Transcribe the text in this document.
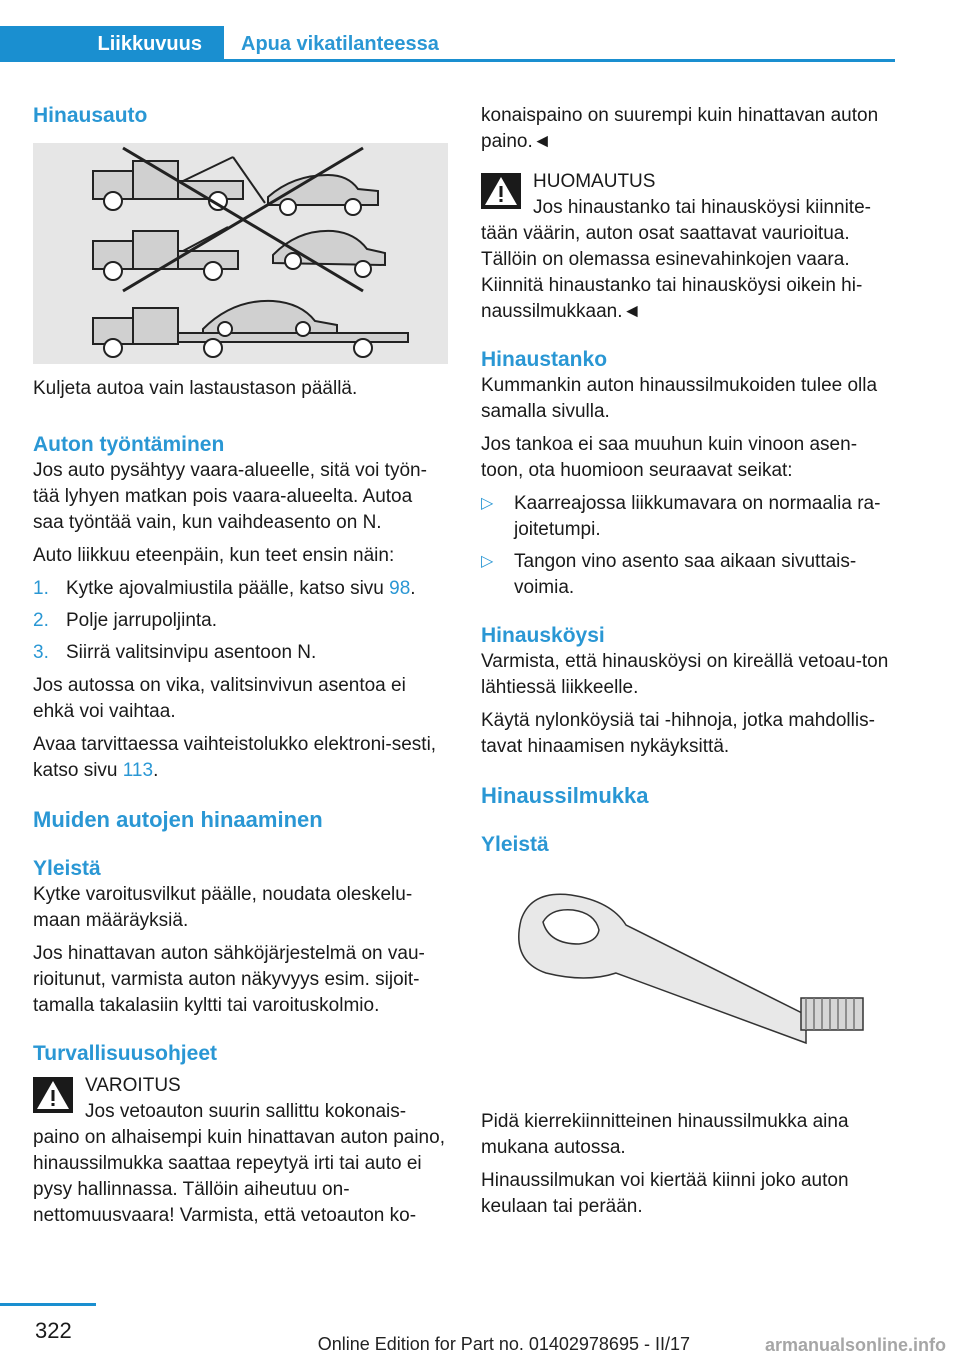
Liikkuvuus Apua vikatilanteessa
Hinausauto

Kuljeta autoa vain lastaustason päällä.

Auton työntäminen

Jos auto pysähtyy vaara-alueelle, sitä voi työn-tää lyhyen matkan pois vaara-alueelta. Autoa saa työntää vain, kun vaihdeasento on N.

Auto liikkuu eteenpäin, kun teet ensin näin:

1. Kytke ajovalmiustila päälle, katso sivu 98.
2. Polje jarrupoljinta.
3. Siirrä valitsinvipu asentoon N.

Jos autossa on vika, valitsinvivun asentoa ei ehkä voi vaihtaa.

Avaa tarvittaessa vaihteistolukko elektroni-sesti, katso sivu 113.

Muiden autojen hinaaminen
Yleistä

Kytke varoitusvilkut päälle, noudata oleskelu-maan määräyksiä.

Jos hinattavan auton sähköjärjestelmä on vau-rioitunut, varmista auton näkyvyys esim. sijoit-tamalla takalasiin kyltti tai varoituskolmio.

Turvallisuusohjeet
VAROITUS
Jos vetoauton suurin sallittu kokonais-

paino on alhaisempi kuin hinattavan auton paino, hinaussilmukka saattaa repeytyä irti tai auto ei pysy hallinnassa. Tällöin aiheutuu on-nettomuusvaara! Varmista, että vetoauton ko-

konaispaino on suurempi kuin hinattavan auton paino.◄

HUOMAUTUS
Jos hinaustanko tai hinausköysi kiinnite-

tään väärin, auton osat saattavat vaurioitua. Tällöin on olemassa esinevahinkojen vaara. Kiinnitä hinaustanko tai hinausköysi oikein hi-naussilmukkaan.◄

Hinaustanko

Kummankin auton hinaussilmukoiden tulee olla samalla sivulla.

Jos tankoa ei saa muuhun kuin vinoon asen-toon, ota huomioon seuraavat seikat:

▷	Kaarreajossa liikkumavara on normaalia ra-joitetumpi.
▷	Tangon vino asento saa aikaan sivuttais-voimia.
Hinausköysi

Varmista, että hinausköysi on kireällä vetoau-ton lähtiessä liikkeelle.

Käytä nylonköysiä tai -hihnoja, jotka mahdollis-tavat hinaamisen nykäyksittä.

Hinaussilmukka
Yleistä

Pidä kierrekiinnitteinen hinaussilmukka aina mukana autossa.

Hinaussilmukan voi kiertää kiinni joko auton keulaan tai perään.

322
Online Edition for Part no. 01402978695 - II/17	armanualsonline.info
